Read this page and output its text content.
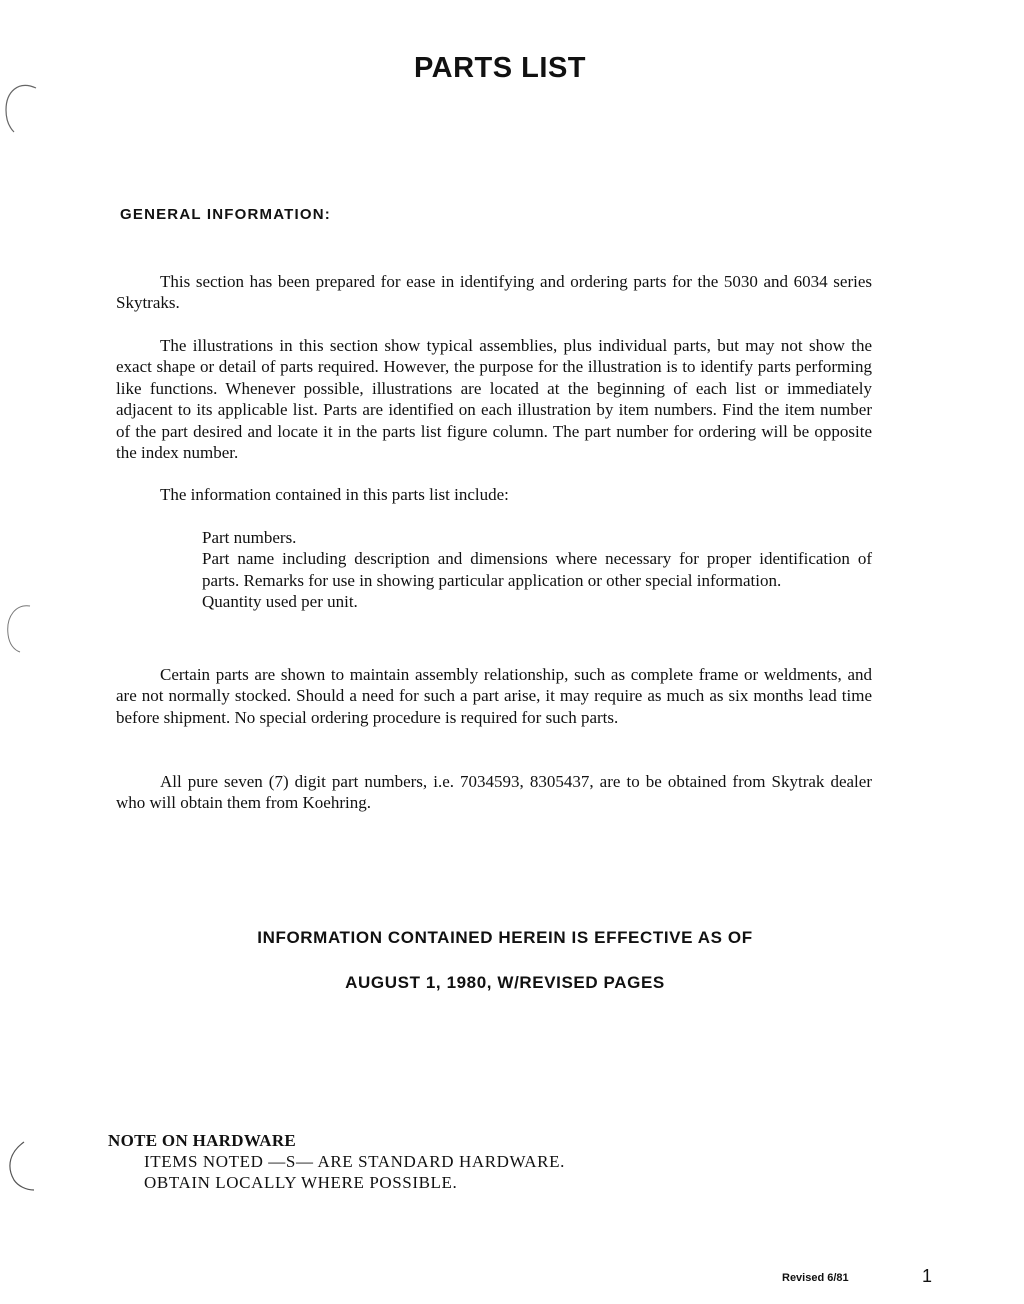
PARTS LIST
GENERAL INFORMATION:
This section has been prepared for ease in identifying and ordering parts for the 5030 and 6034 series Skytraks.
The illustrations in this section show typical assemblies, plus individual parts, but may not show the exact shape or detail of parts required. However, the purpose for the illustration is to identify parts performing like functions. Whenever possible, illustrations are located at the beginning of each list or immediately adjacent to its applicable list. Parts are identified on each illustration by item numbers. Find the item number of the part desired and locate it in the parts list figure column. The part number for ordering will be opposite the index number.
The information contained in this parts list include:
Part numbers.
Part name including description and dimensions where necessary for proper identification of parts. Remarks for use in showing particular application or other special information.
Quantity used per unit.
Certain parts are shown to maintain assembly relationship, such as complete frame or weldments, and are not normally stocked. Should a need for such a part arise, it may require as much as six months lead time before shipment. No special ordering procedure is required for such parts.
All pure seven (7) digit part numbers, i.e. 7034593, 8305437, are to be obtained from Skytrak dealer who will obtain them from Koehring.
INFORMATION CONTAINED HEREIN IS EFFECTIVE AS OF
AUGUST 1, 1980, W/REVISED PAGES
NOTE ON HARDWARE
ITEMS NOTED —S— ARE STANDARD HARDWARE.
OBTAIN LOCALLY WHERE POSSIBLE.
Revised 6/81	1
